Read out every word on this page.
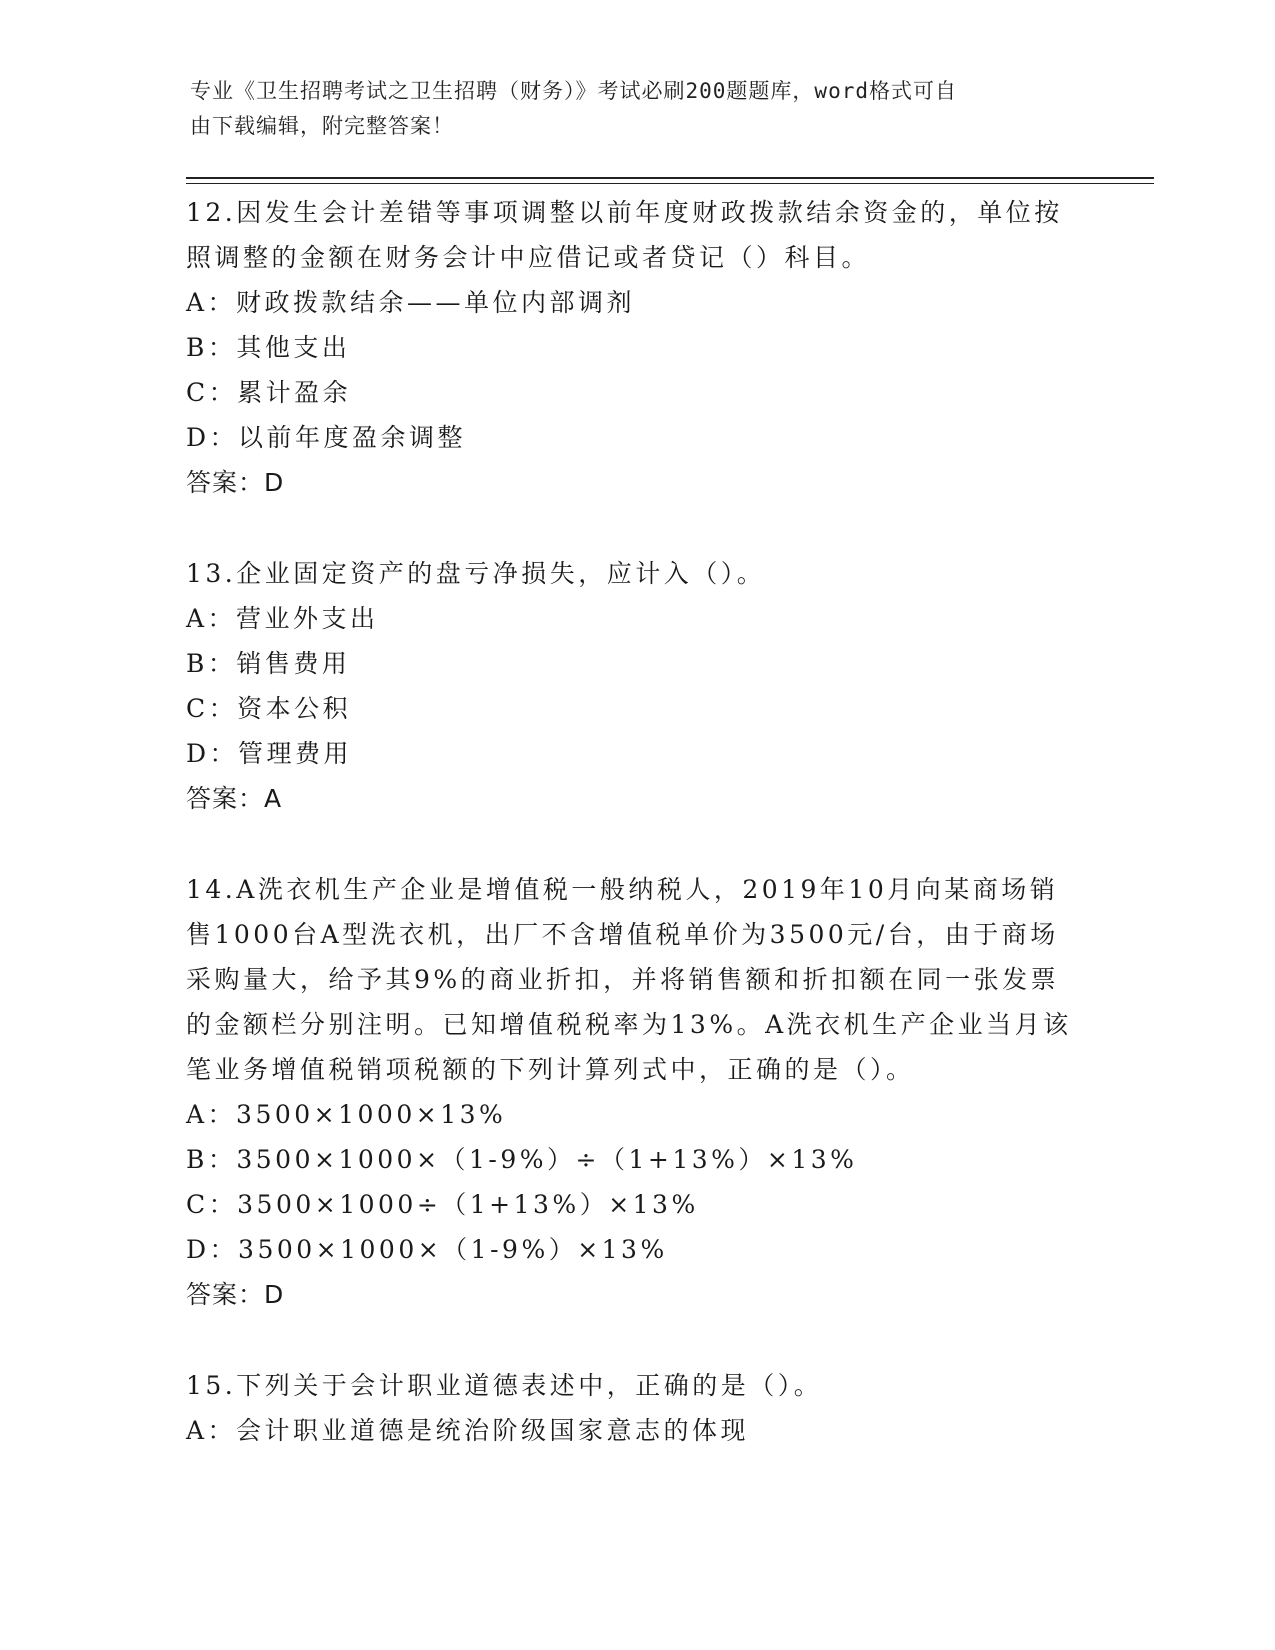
专业《卫生招聘考试之卫生招聘（财务）》考试必刷200题题库，word格式可自
由下载编辑，附完整答案！

12.因发生会计差错等事项调整以前年度财政拨款结余资金的，单位按照调整的金额在财务会计中应借记或者贷记（）科目。

A：财政拨款结余——单位内部调剂

B：其他支出

C：累计盈余

D：以前年度盈余调整

答案：D

13.企业固定资产的盘亏净损失，应计入（）。

A：营业外支出

B：销售费用

C：资本公积

D：管理费用

答案：A

14.A洗衣机生产企业是增值税一般纳税人，2019年10月向某商场销售1000台A型洗衣机，出厂不含增值税单价为3500元/台，由于商场采购量大，给予其9%的商业折扣，并将销售额和折扣额在同一张发票的金额栏分别注明。已知增值税税率为13%。A洗衣机生产企业当月该笔业务增值税销项税额的下列计算列式中，正确的是（）。

A：3500×1000×13%

B：3500×1000×（1-9%）÷（1+13%）×13%

C：3500×1000÷（1+13%）×13%

D：3500×1000×（1-9%）×13%

答案：D

15.下列关于会计职业道德表述中，正确的是（）。

A：会计职业道德是统治阶级国家意志的体现
